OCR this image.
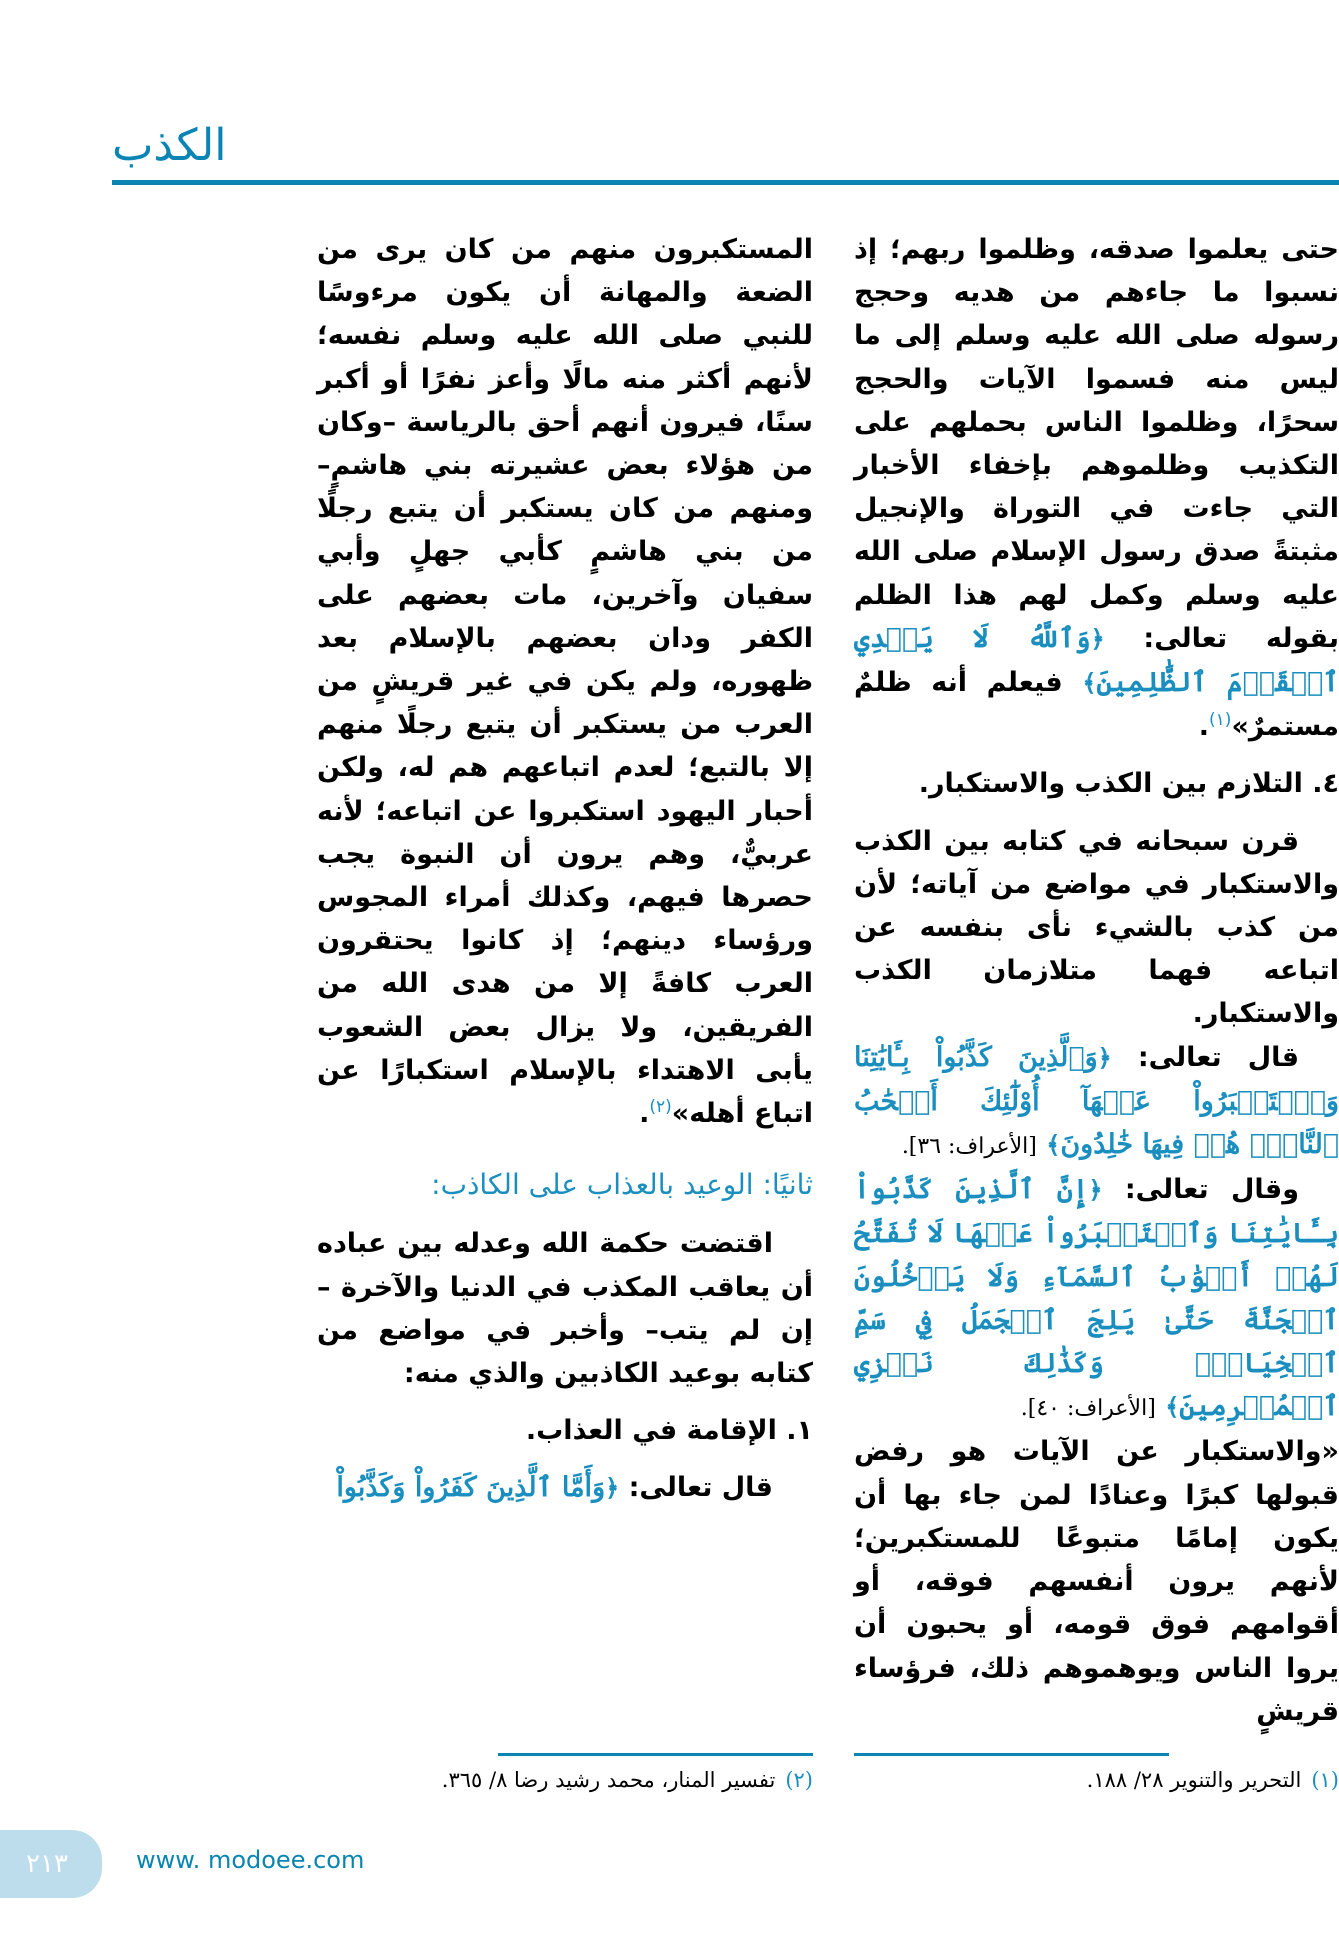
الكذب

المستكبرون منهم من كان يرى من الضعة والمهانة أن يكون مرءوسًا للنبي صلى الله عليه وسلم نفسه؛ لأنهم أكثر منه مالًا وأعز نفرًا أو أكبر سنًا، فيرون أنهم أحق بالرياسة –وكان من هؤلاء بعض عشيرته بني هاشمٍ– ومنهم من كان يستكبر أن يتبع رجلًا من بني هاشمٍ كأبي جهلٍ وأبي سفيان وآخرين، مات بعضهم على الكفر ودان بعضهم بالإسلام بعد ظهوره، ولم يكن في غير قريشٍ من العرب من يستكبر أن يتبع رجلًا منهم إلا بالتبع؛ لعدم اتباعهم هم له، ولكن أحبار اليهود استكبروا عن اتباعه؛ لأنه عربيٌّ، وهم يرون أن النبوة يجب حصرها فيهم، وكذلك أمراء المجوس ورؤساء دينهم؛ إذ كانوا يحتقرون العرب كافةً إلا من هدى الله من الفريقين، ولا يزال بعض الشعوب يأبى الاهتداء بالإسلام استكبارًا عن اتباع أهله»$^{(٢)}$.

ثانيًا: الوعيد بالعذاب على الكاذب:

اقتضت حكمة الله وعدله بين عباده أن يعاقب المكذب في الدنيا والآخرة –إن لم يتب– وأخبر في مواضع من كتابه بوعيد الكاذبين والذي منه:

١. الإقامة في العذاب.

قال تعالى: ﴿وَأَمَّا ٱلَّذِينَ كَفَرُواْ وَكَذَّبُواْ

(٢)تفسير المنار، محمد رشيد رضا ٨/ ٣٦٥.

حتى يعلموا صدقه، وظلموا ربهم؛ إذ نسبوا ما جاءهم من هديه وحجج رسوله صلى الله عليه وسلم إلى ما ليس منه فسموا الآيات والحجج سحرًا، وظلموا الناس بحملهم على التكذيب وظلموهم بإخفاء الأخبار التي جاءت في التوراة والإنجيل مثبتةً صدق رسول الإسلام صلى الله عليه وسلم وكمل لهم هذا الظلم بقوله تعالى: ﴿وَٱللَّهُ لَا يَهۡدِي ٱلۡقَوۡمَ ٱلظَّٰلِمِينَ﴾ فيعلم أنه ظلمٌ مستمرٌ»$^{(١)}$.

٤. التلازم بين الكذب والاستكبار.

قرن سبحانه في كتابه بين الكذب والاستكبار في مواضع من آياته؛ لأن من كذب بالشيء نأى بنفسه عن اتباعه فهما متلازمان الكذب والاستكبار.

قال تعالى: ﴿وَٱلَّذِينَ كَذَّبُواْ بِـَٔايَٰتِنَا وَٱسۡتَكۡبَرُواْ عَنۡهَآ أُوْلَٰٓئِكَ أَصۡحَٰبُ ٱلنَّارِۖ هُمۡ فِيهَا خَٰلِدُونَ﴾ [الأعراف: ٣٦].

وقال تعالى: ﴿إِنَّ ٱلَّذِينَ كَذَّبُواْ بِـَٔايَٰتِنَا وَٱسۡتَكۡبَرُواْ عَنۡهَا لَا تُفَتَّحُ لَهُمۡ أَبۡوَٰبُ ٱلسَّمَآءِ وَلَا يَدۡخُلُونَ ٱلۡجَنَّةَ حَتَّىٰ يَلِجَ ٱلۡجَمَلُ فِي سَمِّ ٱلۡخِيَاطِۚ وَكَذَٰلِكَ نَجۡزِي ٱلۡمُجۡرِمِينَ﴾ [الأعراف: ٤٠].

«والاستكبار عن الآيات هو رفض قبولها كبرًا وعنادًا لمن جاء بها أن يكون إمامًا متبوعًا للمستكبرين؛ لأنهم يرون أنفسهم فوقه، أو أقوامهم فوق قومه، أو يحبون أن يروا الناس ويوهموهم ذلك، فرؤساء قريشٍ

(١)التحرير والتنوير ٢٨/ ١٨٨.
٢١٣	www. modoee.com
